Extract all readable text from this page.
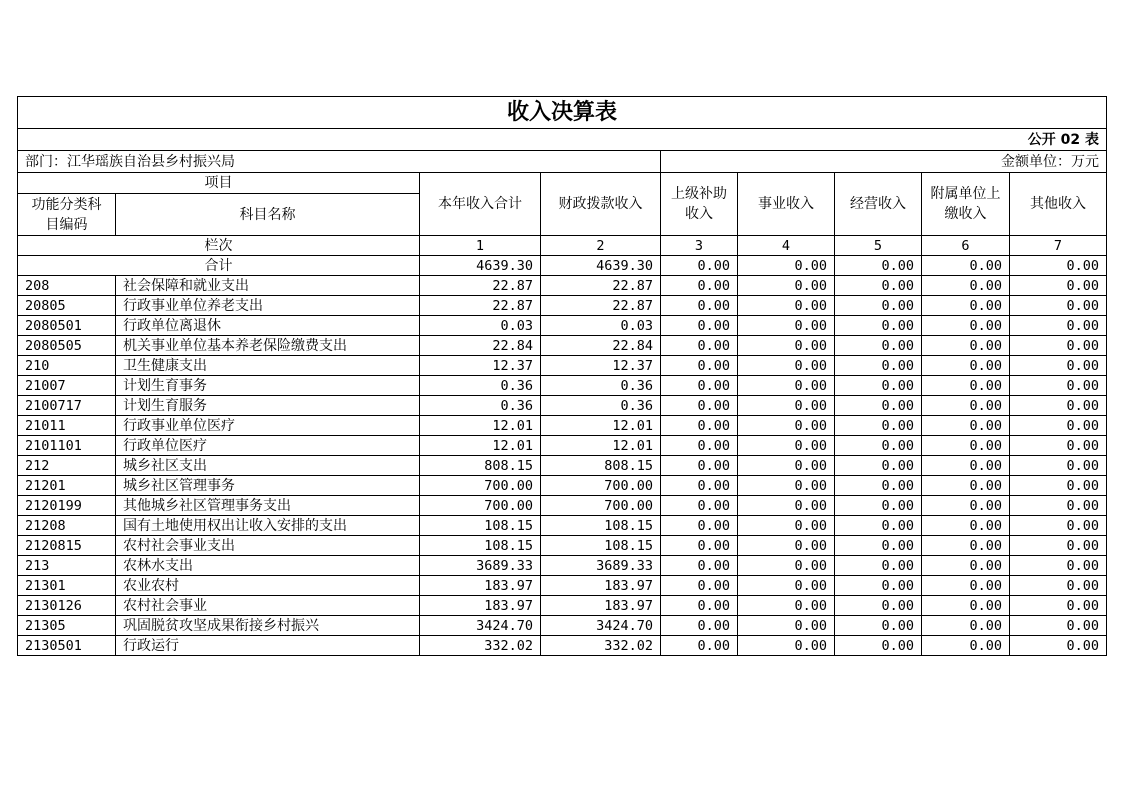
收入决算表								
				公开 02 表				
部门：江华瑶族自治县乡村振兴局				金额单位：万元				
项目		本年收入合计	财政拨款收入	上级补助收入	事业收入	经营收入	附属单位上缴收入	其他收入
功能分类科目编码	科目名称							
栏次		1	2	3	4	5	6	7
合计		4639.30	4639.30	0.00	0.00	0.00	0.00	0.00
208	社会保障和就业支出	22.87	22.87	0.00	0.00	0.00	0.00	0.00
20805	行政事业单位养老支出	22.87	22.87	0.00	0.00	0.00	0.00	0.00
2080501	行政单位离退休	0.03	0.03	0.00	0.00	0.00	0.00	0.00
2080505	机关事业单位基本养老保险缴费支出	22.84	22.84	0.00	0.00	0.00	0.00	0.00
210	卫生健康支出	12.37	12.37	0.00	0.00	0.00	0.00	0.00
21007	计划生育事务	0.36	0.36	0.00	0.00	0.00	0.00	0.00
2100717	计划生育服务	0.36	0.36	0.00	0.00	0.00	0.00	0.00
21011	行政事业单位医疗	12.01	12.01	0.00	0.00	0.00	0.00	0.00
2101101	行政单位医疗	12.01	12.01	0.00	0.00	0.00	0.00	0.00
212	城乡社区支出	808.15	808.15	0.00	0.00	0.00	0.00	0.00
21201	城乡社区管理事务	700.00	700.00	0.00	0.00	0.00	0.00	0.00
2120199	其他城乡社区管理事务支出	700.00	700.00	0.00	0.00	0.00	0.00	0.00
21208	国有土地使用权出让收入安排的支出	108.15	108.15	0.00	0.00	0.00	0.00	0.00
2120815	农村社会事业支出	108.15	108.15	0.00	0.00	0.00	0.00	0.00
213	农林水支出	3689.33	3689.33	0.00	0.00	0.00	0.00	0.00
21301	农业农村	183.97	183.97	0.00	0.00	0.00	0.00	0.00
2130126	农村社会事业	183.97	183.97	0.00	0.00	0.00	0.00	0.00
21305	巩固脱贫攻坚成果衔接乡村振兴	3424.70	3424.70	0.00	0.00	0.00	0.00	0.00
2130501	行政运行	332.02	332.02	0.00	0.00	0.00	0.00	0.00
